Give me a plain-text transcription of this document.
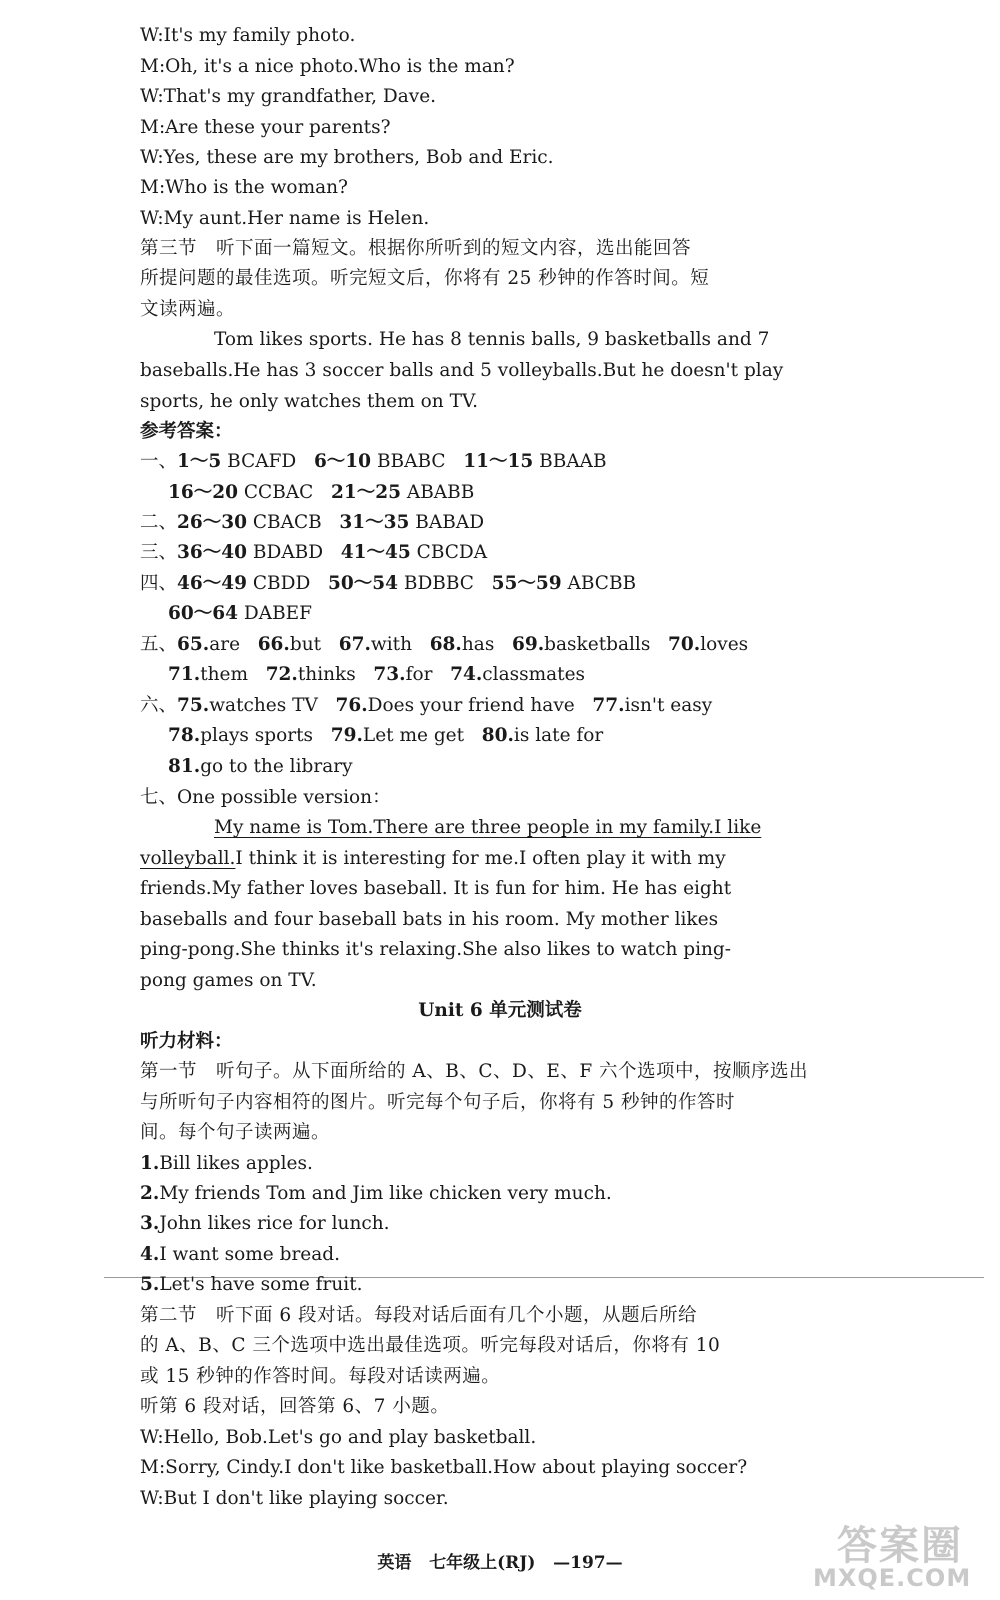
W:It's my family photo.
M:Oh, it's a nice photo.Who is the man?
W:That's my grandfather, Dave.
M:Are these your parents?
W:Yes, these are my brothers, Bob and Eric.
M:Who is the woman?
W:My aunt.Her name is Helen.
第三节　听下面一篇短文。根据你所听到的短文内容，选出能回答
所提问题的最佳选项。听完短文后，你将有 25 秒钟的作答时间。短
文读两遍。
Tom likes sports. He has 8 tennis balls, 9 basketballs and 7
baseballs.He has 3 soccer balls and 5 volleyballs.But he doesn't play
sports, he only watches them on TV.
参考答案：
一、1～5 BCAFD 6～10 BBABC 11～15 BBAAB
16～20 CCBAC 21～25 ABABB
二、26～30 CBACB 31～35 BABAD
三、36～40 BDABD 41～45 CBCDA
四、46～49 CBDD 50～54 BDBBC 55～59 ABCBB
60～64 DABEF
五、65.are 66.but 67.with 68.has 69.basketballs 70.loves
71.them 72.thinks 73.for 74.classmates
六、75.watches TV 76.Does your friend have 77.isn't easy
78.plays sports 79.Let me get 80.is late for
81.go to the library
七、One possible version：
My name is Tom.There are three people in my family.I like
volleyball.I think it is interesting for me.I often play it with my
friends.My father loves baseball. It is fun for him. He has eight
baseballs and four baseball bats in his room. My mother likes
ping-pong.She thinks it's relaxing.She also likes to watch ping-
pong games on TV.
Unit 6 单元测试卷
听力材料：
第一节　听句子。从下面所给的 A、B、C、D、E、F 六个选项中，按顺序选出
与所听句子内容相符的图片。听完每个句子后，你将有 5 秒钟的作答时
间。每个句子读两遍。
1.Bill likes apples.
2.My friends Tom and Jim like chicken very much.
3.John likes rice for lunch.
4.I want some bread.
5.Let's have some fruit.
第二节　听下面 6 段对话。每段对话后面有几个小题，从题后所给
的 A、B、C 三个选项中选出最佳选项。听完每段对话后，你将有 10
或 15 秒钟的作答时间。每段对话读两遍。
听第 6 段对话，回答第 6、7 小题。
W:Hello, Bob.Let's go and play basketball.
M:Sorry, Cindy.I don't like basketball.How about playing soccer?
W:But I don't like playing soccer.
英语 七年级上(RJ) —197—	答案圈
MXQE.COM
